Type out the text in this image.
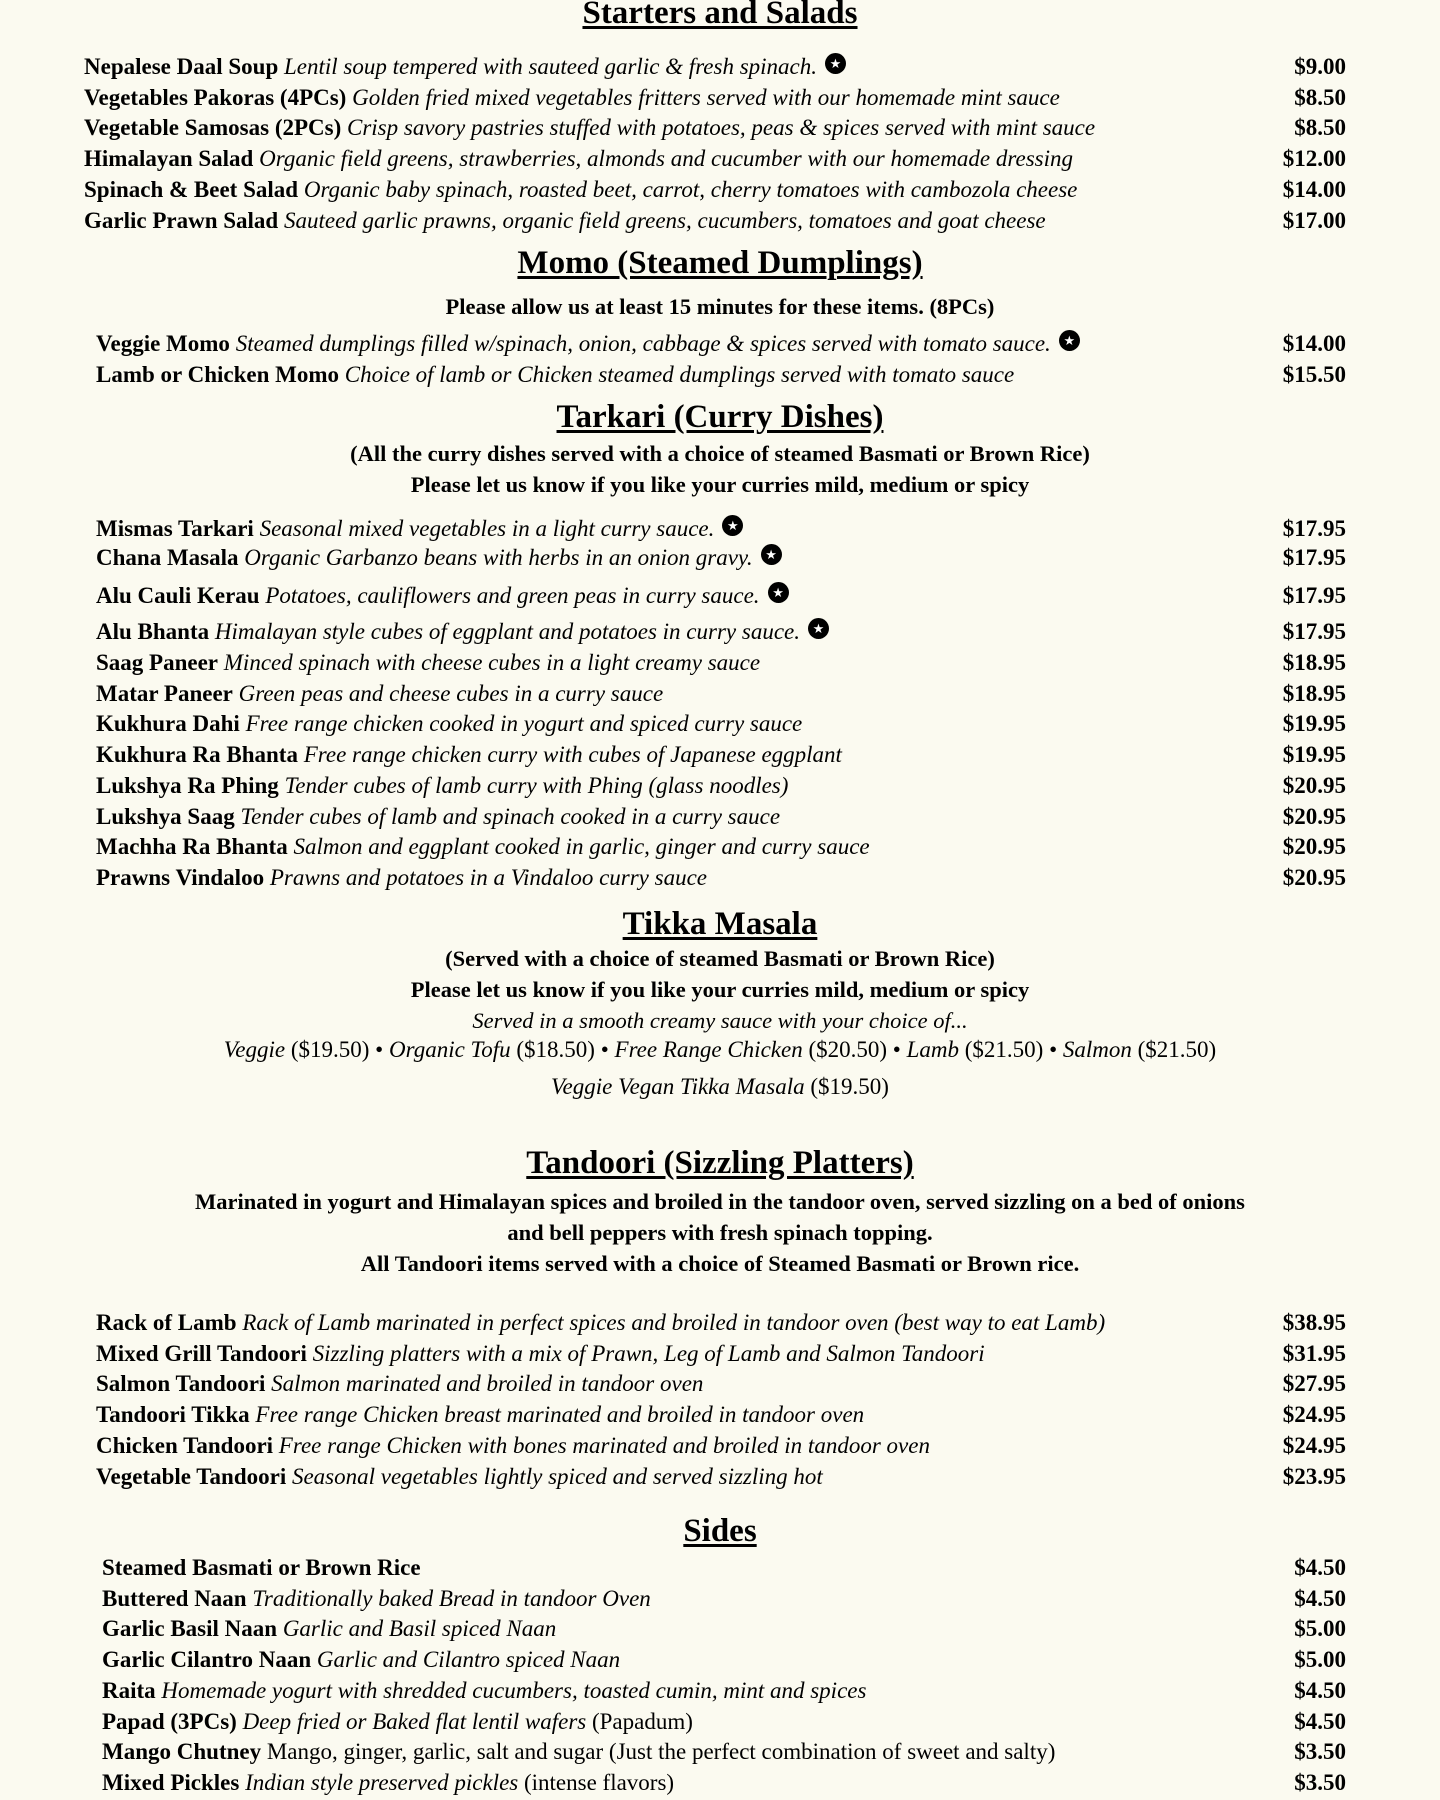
Starters and Salads
Nepalese Daal Soup Lentil soup tempered with sauteed garlic & fresh spinach. ★	$9.00
Vegetables Pakoras (4PCs) Golden fried mixed vegetables fritters served with our homemade mint sauce	$8.50
Vegetable Samosas (2PCs) Crisp savory pastries stuffed with potatoes, peas & spices served with mint sauce	$8.50
Himalayan Salad Organic field greens, strawberries, almonds and cucumber with our homemade dressing	$12.00
Spinach & Beet Salad Organic baby spinach, roasted beet, carrot, cherry tomatoes with cambozola cheese	$14.00
Garlic Prawn Salad Sauteed garlic prawns, organic field greens, cucumbers, tomatoes and goat cheese	$17.00
Momo (Steamed Dumplings)
Please allow us at least 15 minutes for these items. (8PCs)
Veggie Momo Steamed dumplings filled w/spinach, onion, cabbage & spices served with tomato sauce. ★	$14.00
Lamb or Chicken Momo Choice of lamb or Chicken steamed dumplings served with tomato sauce	$15.50
Tarkari (Curry Dishes)
(All the curry dishes served with a choice of steamed Basmati or Brown Rice)
Please let us know if you like your curries mild, medium or spicy
Mismas Tarkari Seasonal mixed vegetables in a light curry sauce. ★	$17.95
Chana Masala Organic Garbanzo beans with herbs in an onion gravy. ★	$17.95
Alu Cauli Kerau Potatoes, cauliflowers and green peas in curry sauce. ★	$17.95
Alu Bhanta Himalayan style cubes of eggplant and potatoes in curry sauce. ★	$17.95
Saag Paneer Minced spinach with cheese cubes in a light creamy sauce	$18.95
Matar Paneer Green peas and cheese cubes in a curry sauce	$18.95
Kukhura Dahi Free range chicken cooked in yogurt and spiced curry sauce	$19.95
Kukhura Ra Bhanta Free range chicken curry with cubes of Japanese eggplant	$19.95
Lukshya Ra Phing Tender cubes of lamb curry with Phing (glass noodles)	$20.95
Lukshya Saag Tender cubes of lamb and spinach cooked in a curry sauce	$20.95
Machha Ra Bhanta Salmon and eggplant cooked in garlic, ginger and curry sauce	$20.95
Prawns Vindaloo Prawns and potatoes in a Vindaloo curry sauce	$20.95
Tikka Masala
(Served with a choice of steamed Basmati or Brown Rice)
Please let us know if you like your curries mild, medium or spicy
Served in a smooth creamy sauce with your choice of...
Veggie ($19.50) • Organic Tofu ($18.50) • Free Range Chicken ($20.50) • Lamb ($21.50) • Salmon ($21.50)
Veggie Vegan Tikka Masala ($19.50)
Tandoori (Sizzling Platters)
Marinated in yogurt and Himalayan spices and broiled in the tandoor oven, served sizzling on a bed of onions
and bell peppers with fresh spinach topping.
All Tandoori items served with a choice of Steamed Basmati or Brown rice.
Rack of Lamb Rack of Lamb marinated in perfect spices and broiled in tandoor oven (best way to eat Lamb)	$38.95
Mixed Grill Tandoori Sizzling platters with a mix of Prawn, Leg of Lamb and Salmon Tandoori	$31.95
Salmon Tandoori Salmon marinated and broiled in tandoor oven	$27.95
Tandoori Tikka Free range Chicken breast marinated and broiled in tandoor oven	$24.95
Chicken Tandoori Free range Chicken with bones marinated and broiled in tandoor oven	$24.95
Vegetable Tandoori Seasonal vegetables lightly spiced and served sizzling hot	$23.95
Sides
Steamed Basmati or Brown Rice	$4.50
Buttered Naan Traditionally baked Bread in tandoor Oven	$4.50
Garlic Basil Naan Garlic and Basil spiced Naan	$5.00
Garlic Cilantro Naan Garlic and Cilantro spiced Naan	$5.00
Raita Homemade yogurt with shredded cucumbers, toasted cumin, mint and spices	$4.50
Papad (3PCs) Deep fried or Baked flat lentil wafers (Papadum)	$4.50
Mango Chutney Mango, ginger, garlic, salt and sugar (Just the perfect combination of sweet and salty)	$3.50
Mixed Pickles Indian style preserved pickles (intense flavors)	$3.50
